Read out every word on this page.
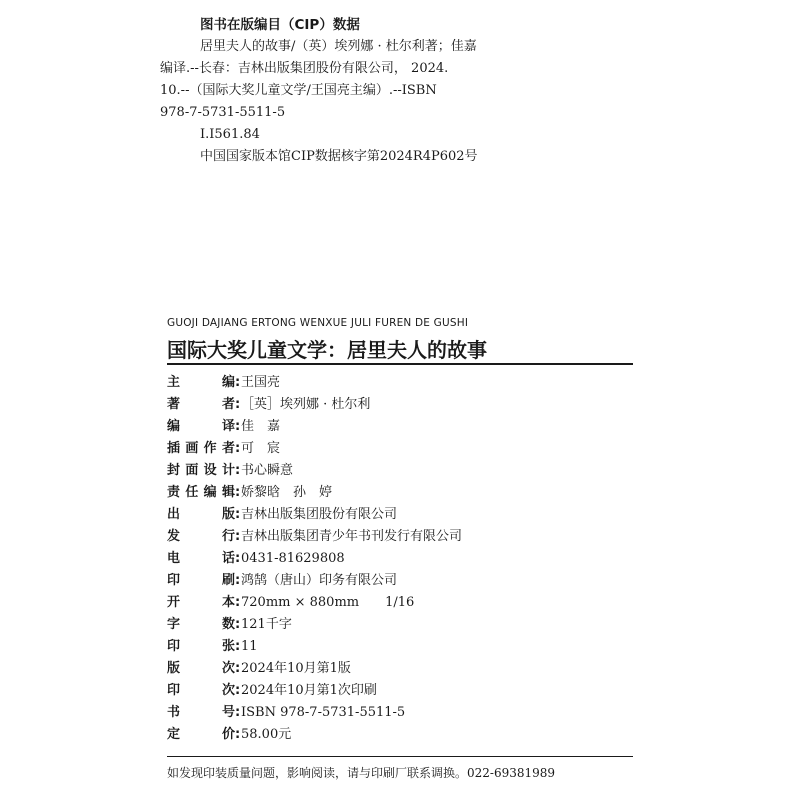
图书在版编目（CIP）数据
居里夫人的故事/（英）埃列娜 · 杜尔利著；佳嘉
编译.--长春：吉林出版集团股份有限公司， 2024.
10.--（国际大奖儿童文学/王国亮主编）.--ISBN
978-7-5731-5511-5
Ⅰ.I561.84
中国国家版本馆CIP数据核字第2024R4P602号
GUOJI DAJIANG ERTONG WENXUE JULI FUREN DE GUSHI
国际大奖儿童文学：居里夫人的故事
主编:王国亮
著者:［英］埃列娜 · 杜尔利
编译:佳　嘉
插画作者:可　宸
封面设计:书心瞬意
责任编辑:娇黎晗　孙　婷
出版:吉林出版集团股份有限公司
发行:吉林出版集团青少年书刊发行有限公司
电话:0431-81629808
印刷:鸿鹄（唐山）印务有限公司
开本:720mm × 880mm　　1/16
字数:121千字
印张:11
版次:2024年10月第1版
印次:2024年10月第1次印刷
书号:ISBN 978-7-5731-5511-5
定价:58.00元
如发现印装质量问题，影响阅读，请与印刷厂联系调换。022-69381989
